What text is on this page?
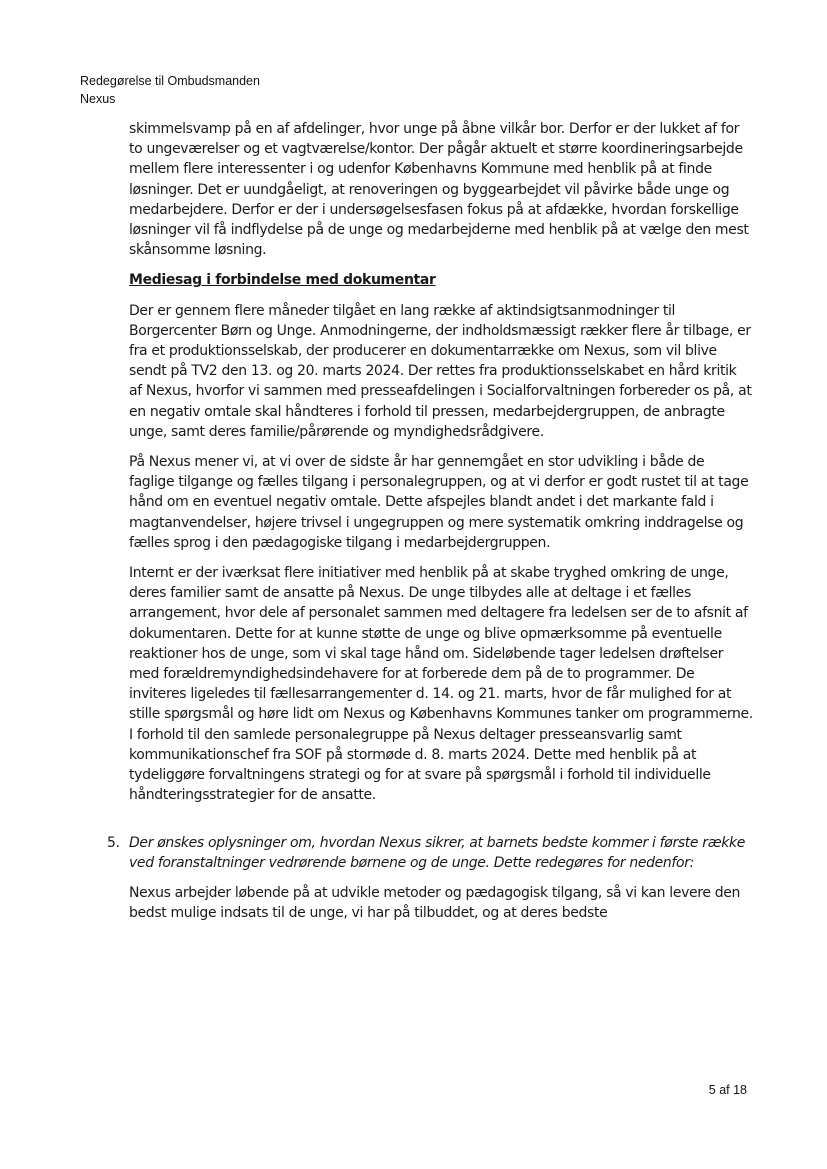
Redegørelse til Ombudsmanden
Nexus

skimmelsvamp på en af afdelinger, hvor unge på åbne vilkår bor. Derfor er der lukket af for to ungeværelser og et vagtværelse/kontor. Der pågår aktuelt et større koordineringsarbejde mellem flere interessenter i og udenfor Københavns Kommune med henblik på at finde løsninger. Det er uundgåeligt, at renoveringen og byggearbejdet vil påvirke både unge og medarbejdere. Derfor er der i undersøgelsesfasen fokus på at afdække, hvordan forskellige løsninger vil få indflydelse på de unge og medarbejderne med henblik på at vælge den mest skånsomme løsning.

Mediesag i forbindelse med dokumentar

Der er gennem flere måneder tilgået en lang række af aktindsigtsanmodninger til Borgercenter Børn og Unge. Anmodningerne, der indholdsmæssigt rækker flere år tilbage, er fra et produktionsselskab, der producerer en dokumentarrække om Nexus, som vil blive sendt på TV2 den 13. og 20. marts 2024. Der rettes fra produktionsselskabet en hård kritik af Nexus, hvorfor vi sammen med presseafdelingen i Socialforvaltningen forbereder os på, at en negativ omtale skal håndteres i forhold til pressen, medarbejdergruppen, de anbragte unge, samt deres familie/pårørende og myndighedsrådgivere.

På Nexus mener vi, at vi over de sidste år har gennemgået en stor udvikling i både de faglige tilgange og fælles tilgang i personalegruppen, og at vi derfor er godt rustet til at tage hånd om en eventuel negativ omtale. Dette afspejles blandt andet i det markante fald i magtanvendelser, højere trivsel i ungegruppen og mere systematik omkring inddragelse og fælles sprog i den pædagogiske tilgang i medarbejdergruppen.

Internt er der iværksat flere initiativer med henblik på at skabe tryghed omkring de unge, deres familier samt de ansatte på Nexus. De unge tilbydes alle at deltage i et fælles arrangement, hvor dele af personalet sammen med deltagere fra ledelsen ser de to afsnit af dokumentaren. Dette for at kunne støtte de unge og blive opmærksomme på eventuelle reaktioner hos de unge, som vi skal tage hånd om. Sideløbende tager ledelsen drøftelser med forældremyndighedsindehavere for at forberede dem på de to programmer. De inviteres ligeledes til fællesarrangementer d. 14. og 21. marts, hvor de får mulighed for at stille spørgsmål og høre lidt om Nexus og Københavns Kommunes tanker om programmerne. I forhold til den samlede personalegruppe på Nexus deltager presseansvarlig samt kommunikationschef fra SOF på stormøde d. 8. marts 2024. Dette med henblik på at tydeliggøre forvaltningens strategi og for at svare på spørgsmål i forhold til individuelle håndteringsstrategier for de ansatte.

5. Der ønskes oplysninger om, hvordan Nexus sikrer, at barnets bedste kommer i første række ved foranstaltninger vedrørende børnene og de unge. Dette redegøres for nedenfor:

Nexus arbejder løbende på at udvikle metoder og pædagogisk tilgang, så vi kan levere den bedst mulige indsats til de unge, vi har på tilbuddet, og at deres bedste

5 af 18
